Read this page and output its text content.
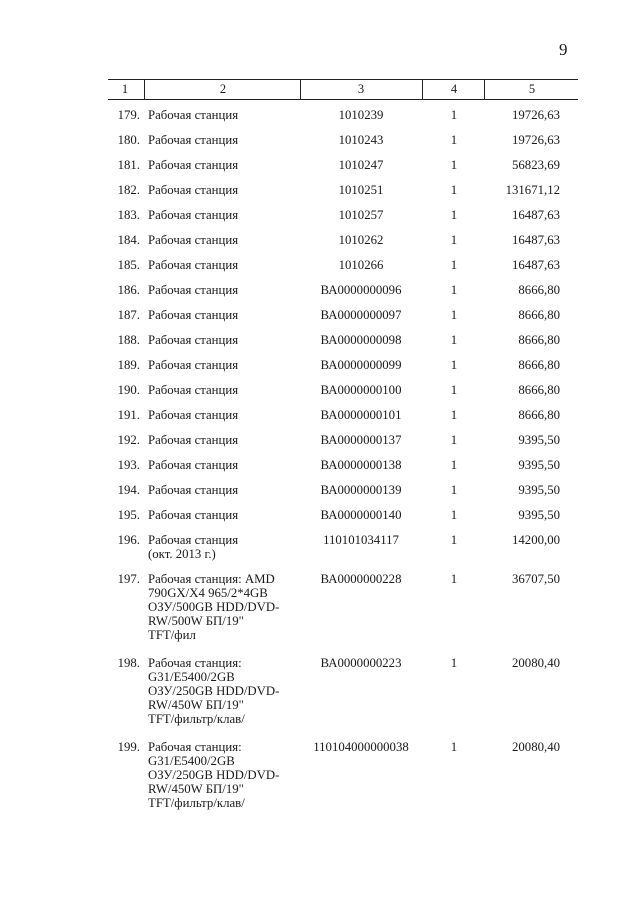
9
1	2	3	4	5
179. Рабочая станция	1010239	1	19726,63
180. Рабочая станция	1010243	1	19726,63
181. Рабочая станция	1010247	1	56823,69
182. Рабочая станция	1010251	1	131671,12
183. Рабочая станция	1010257	1	16487,63
184. Рабочая станция	1010262	1	16487,63
185. Рабочая станция	1010266	1	16487,63
186. Рабочая станция	ВА0000000096	1	8666,80
187. Рабочая станция	ВА0000000097	1	8666,80
188. Рабочая станция	ВА0000000098	1	8666,80
189. Рабочая станция	ВА0000000099	1	8666,80
190. Рабочая станция	ВА0000000100	1	8666,80
191. Рабочая станция	ВА0000000101	1	8666,80
192. Рабочая станция	ВА0000000137	1	9395,50
193. Рабочая станция	ВА0000000138	1	9395,50
194. Рабочая станция	ВА0000000139	1	9395,50
195. Рабочая станция	ВА0000000140	1	9395,50
196. Рабочая станция
(окт. 2013 г.)
110101034117	1	14200,00
197. Рабочая станция: AMD
790GX/X4 965/2*4GB
ОЗУ/500GB HDD/DVD-
RW/500W БП/19"
TFT/фил
ВА0000000228	1	36707,50
198. Рабочая станция:
G31/E5400/2GB
ОЗУ/250GB HDD/DVD-
RW/450W БП/19"
TFT/фильтр/клав/
ВА0000000223	1	20080,40
199. Рабочая станция:
G31/E5400/2GB
ОЗУ/250GB HDD/DVD-
RW/450W БП/19"
TFT/фильтр/клав/
110104000000038	1	20080,40
